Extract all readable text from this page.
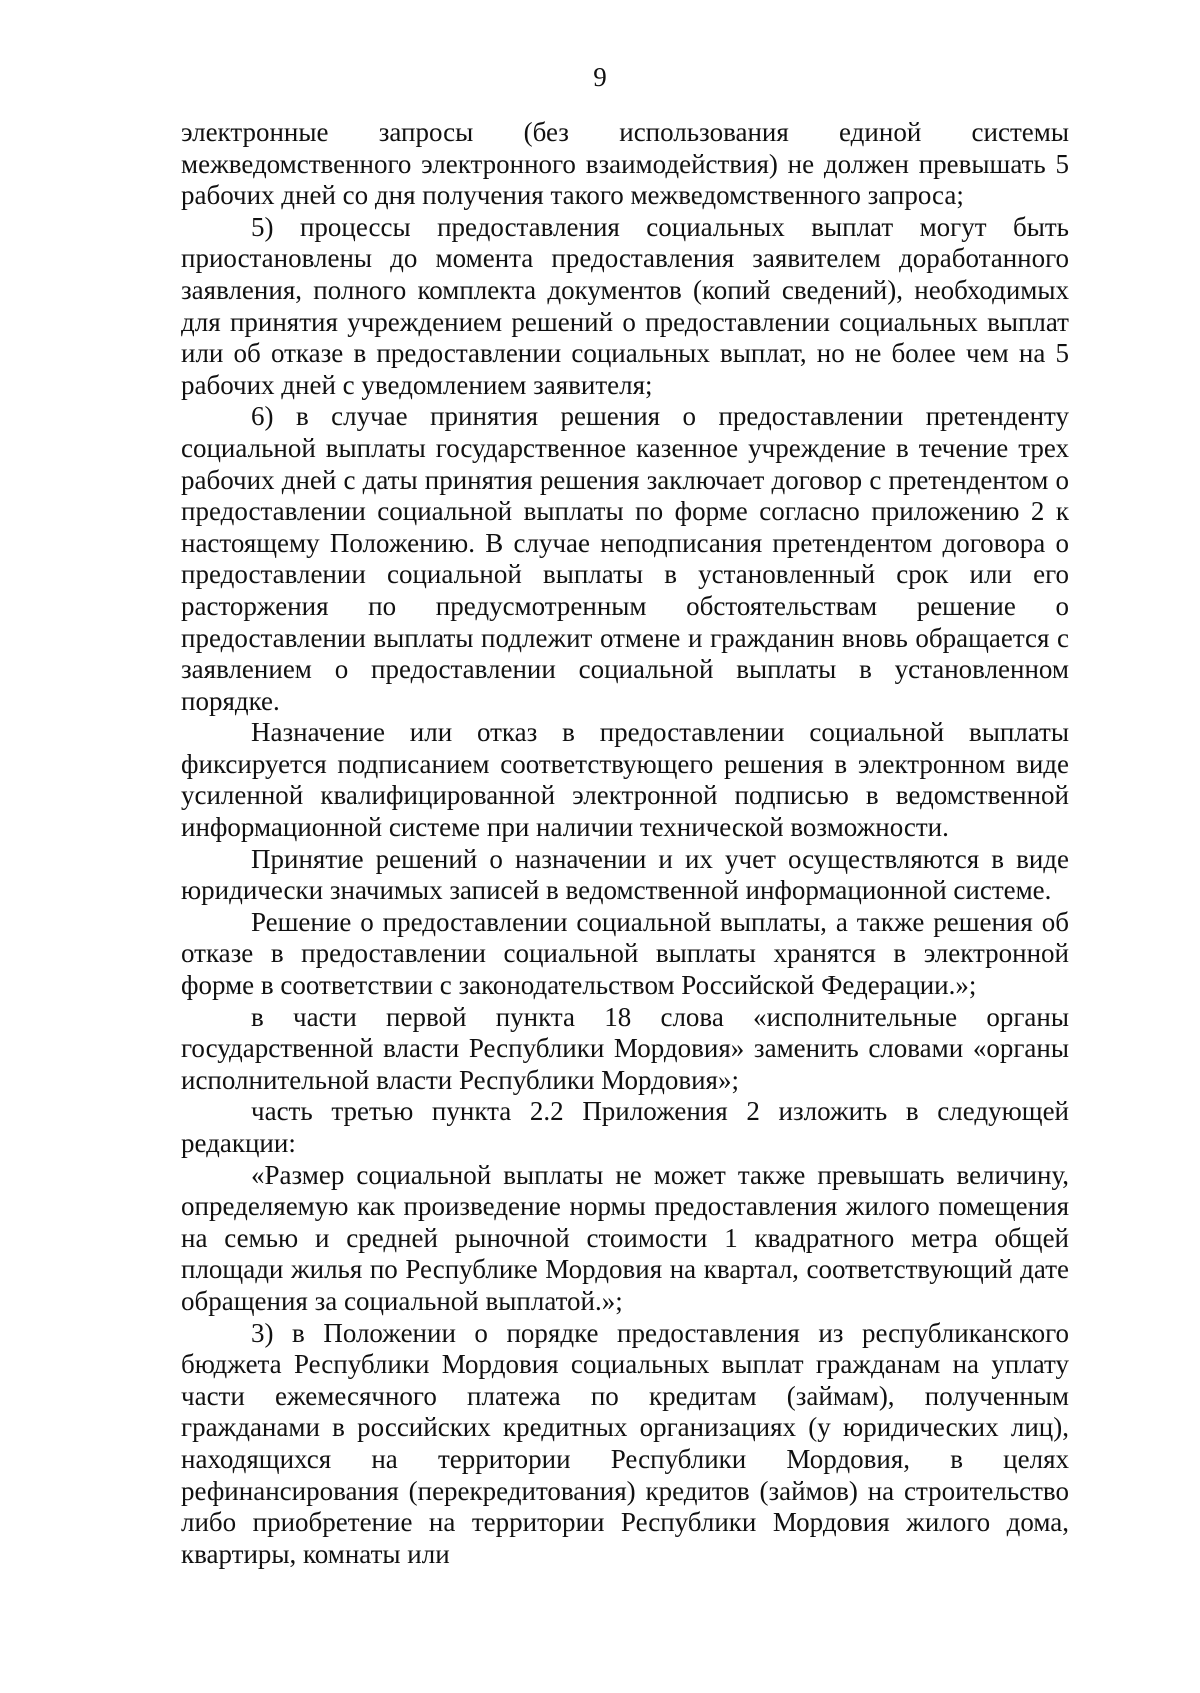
9

электронные запросы (без использования единой системы межведомственного электронного взаимодействия) не должен превышать 5 рабочих дней со дня получения такого межведомственного запроса;

5) процессы предоставления социальных выплат могут быть приостановлены до момента предоставления заявителем доработанного заявления, полного комплекта документов (копий сведений), необходимых для принятия учреждением решений о предоставлении социальных выплат или об отказе в предоставлении социальных выплат, но не более чем на 5 рабочих дней с уведомлением заявителя;

6) в случае принятия решения о предоставлении претенденту социальной выплаты государственное казенное учреждение в течение трех рабочих дней с даты принятия решения заключает договор с претендентом о предоставлении социальной выплаты по форме согласно приложению 2 к настоящему Положению. В случае неподписания претендентом договора о предоставлении социальной выплаты в установленный срок или его расторжения по предусмотренным обстоятельствам решение о предоставлении выплаты подлежит отмене и гражданин вновь обращается с заявлением о предоставлении социальной выплаты в установленном порядке.

Назначение или отказ в предоставлении социальной выплаты фиксируется подписанием соответствующего решения в электронном виде усиленной квалифицированной электронной подписью в ведомственной информационной системе при наличии технической возможности.

Принятие решений о назначении и их учет осуществляются в виде юридически значимых записей в ведомственной информационной системе.

Решение о предоставлении социальной выплаты, а также решения об отказе в предоставлении социальной выплаты хранятся в электронной форме в соответствии с законодательством Российской Федерации.»;

в части первой пункта 18 слова «исполнительные органы государственной власти Республики Мордовия» заменить словами «органы исполнительной власти Республики Мордовия»;

часть третью пункта 2.2 Приложения 2 изложить в следующей редакции:

«Размер социальной выплаты не может также превышать величину, определяемую как произведение нормы предоставления жилого помещения на семью и средней рыночной стоимости 1 квадратного метра общей площади жилья по Республике Мордовия на квартал, соответствующий дате обращения за социальной выплатой.»;

3) в Положении о порядке предоставления из республиканского бюджета Республики Мордовия социальных выплат гражданам на уплату части ежемесячного платежа по кредитам (займам), полученным гражданами в российских кредитных организациях (у юридических лиц), находящихся на территории Республики Мордовия, в целях рефинансирования (перекредитования) кредитов (займов) на строительство либо приобретение на территории Республики Мордовия жилого дома, квартиры, комнаты или
